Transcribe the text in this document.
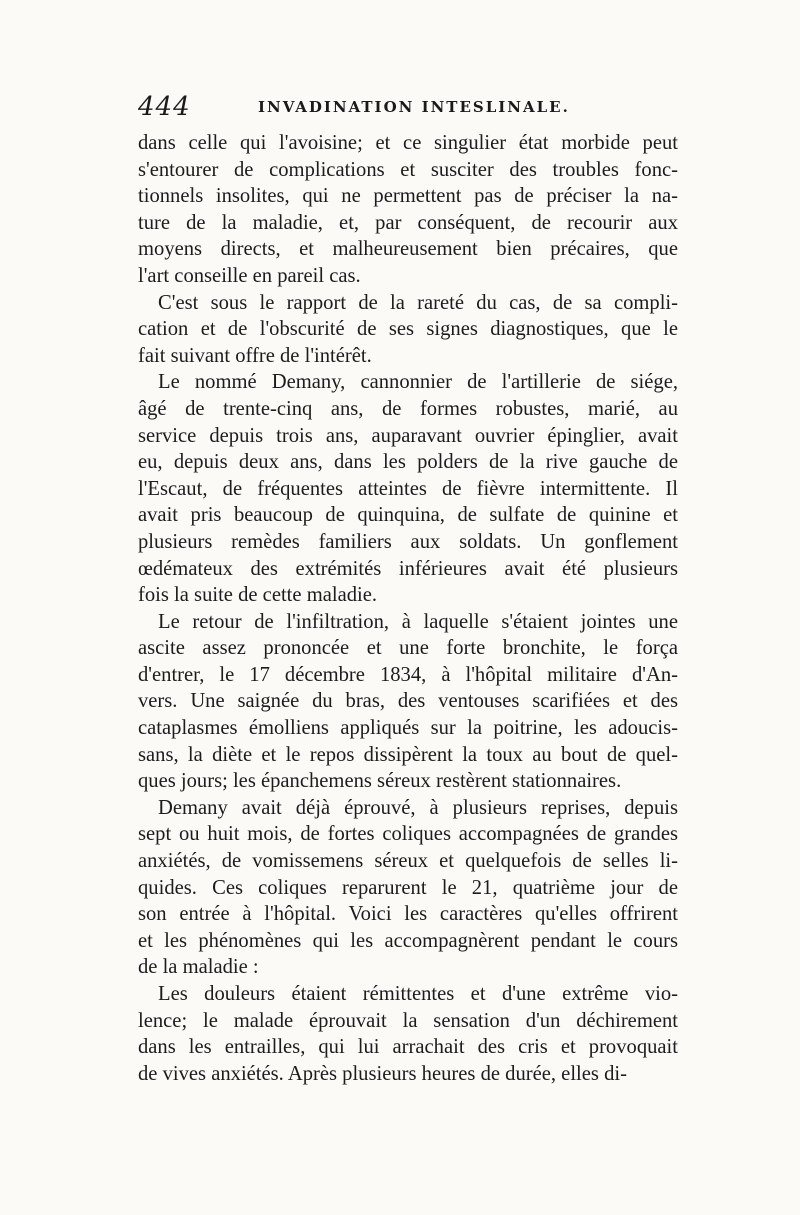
444	INVADINATION INTESLINALE.
dans celle qui l'avoisine; et ce singulier état morbide peut
s'entourer de complications et susciter des troubles fonc-
tionnels insolites, qui ne permettent pas de préciser la na-
ture de la maladie, et, par conséquent, de recourir aux
moyens directs, et malheureusement bien précaires, que
l'art conseille en pareil cas.
C'est sous le rapport de la rareté du cas, de sa compli-
cation et de l'obscurité de ses signes diagnostiques, que le
fait suivant offre de l'intérêt.
Le nommé Demany, cannonnier de l'artillerie de siége,
âgé de trente-cinq ans, de formes robustes, marié, au
service depuis trois ans, auparavant ouvrier épinglier, avait
eu, depuis deux ans, dans les polders de la rive gauche de
l'Escaut, de fréquentes atteintes de fièvre intermittente. Il
avait pris beaucoup de quinquina, de sulfate de quinine et
plusieurs remèdes familiers aux soldats. Un gonflement
œdémateux des extrémités inférieures avait été plusieurs
fois la suite de cette maladie.
Le retour de l'infiltration, à laquelle s'étaient jointes une
ascite assez prononcée et une forte bronchite, le força
d'entrer, le 17 décembre 1834, à l'hôpital militaire d'An-
vers. Une saignée du bras, des ventouses scarifiées et des
cataplasmes émolliens appliqués sur la poitrine, les adoucis-
sans, la diète et le repos dissipèrent la toux au bout de quel-
ques jours; les épanchemens séreux restèrent stationnaires.
Demany avait déjà éprouvé, à plusieurs reprises, depuis
sept ou huit mois, de fortes coliques accompagnées de grandes
anxiétés, de vomissemens séreux et quelquefois de selles li-
quides. Ces coliques reparurent le 21, quatrième jour de
son entrée à l'hôpital. Voici les caractères qu'elles offrirent
et les phénomènes qui les accompagnèrent pendant le cours
de la maladie :
Les douleurs étaient rémittentes et d'une extrême vio-
lence; le malade éprouvait la sensation d'un déchirement
dans les entrailles, qui lui arrachait des cris et provoquait
de vives anxiétés. Après plusieurs heures de durée, elles di-
